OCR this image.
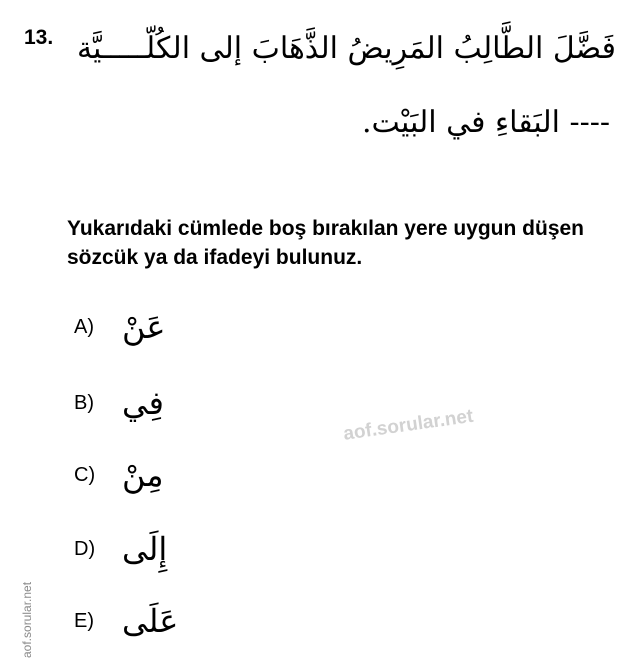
13. فَضَّلَ الطَّالِبُ المَرِيضُ الذَّهَابَ إلى الكُلّـــــيَّة
---- البَقاءِ في البَيْت.
Yukarıdaki cümlede boş bırakılan yere uygun düşen sözcük ya da ifadeyi bulunuz.
A) عَنْ
B) فِي
C) مِنْ
D) إِلَى
E) عَلَى
aof.sorular.net
aof.sorular.net
